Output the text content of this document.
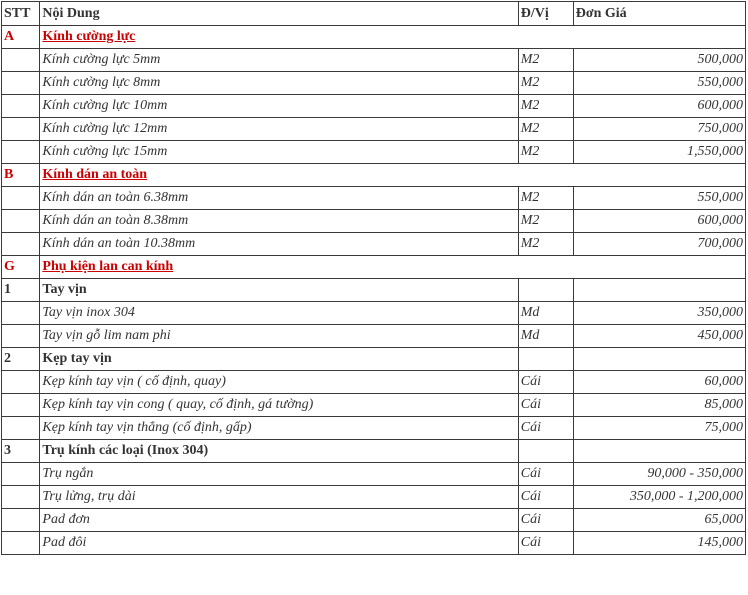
STT	Nội Dung	Đ/Vị	Đơn Giá
A	Kính cường lực		
	Kính cường lực 5mm	M2	500,000
	Kính cường lực 8mm	M2	550,000
	Kính cường lực 10mm	M2	600,000
	Kính cường lực 12mm	M2	750,000
	Kính cường lực 15mm	M2	1,550,000
B	Kính dán an toàn		
	Kính dán an toàn 6.38mm	M2	550,000
	Kính dán an toàn 8.38mm	M2	600,000
	Kính dán an toàn 10.38mm	M2	700,000
G	Phụ kiện lan can kính		
1	Tay vịn		
	Tay vịn inox 304	Md	350,000
	Tay vịn gỗ lim nam phi	Md	450,000
2	Kẹp tay vịn		
	Kẹp kính tay vịn ( cố định, quay)	Cái	60,000
	Kẹp kính tay vịn cong ( quay, cố định, gá tường)	Cái	85,000
	Kẹp kính tay vịn thẳng (cố định, gấp)	Cái	75,000
3	Trụ kính các loại (Inox 304)		
	Trụ ngắn	Cái	90,000 - 350,000
	Trụ lửng, trụ dài	Cái	350,000 - 1,200,000
	Pad đơn	Cái	65,000
	Pad đôi	Cái	145,000
